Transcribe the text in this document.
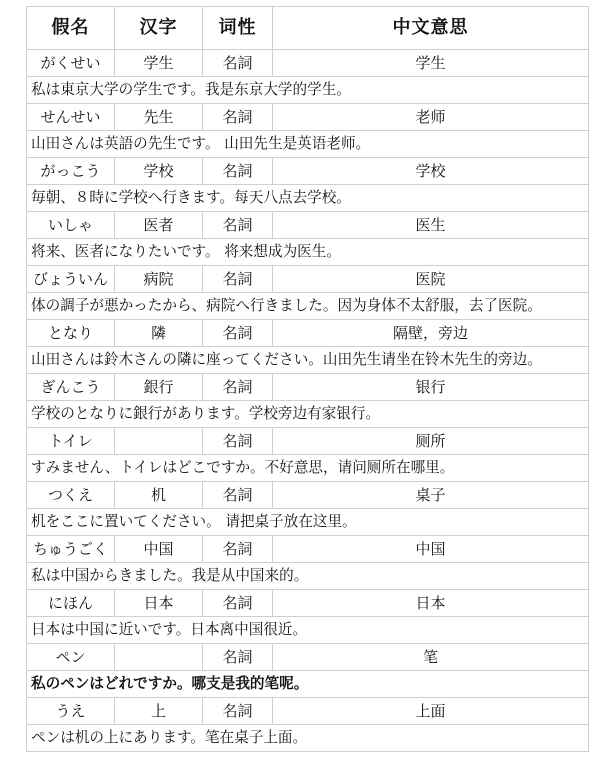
假名	汉字	词性	中文意思
がくせい	学生	名詞	学生
私は東京大学の学生です。我是东京大学的学生。			
せんせい	先生	名詞	老师
山田さんは英語の先生です。 山田先生是英语老师。			
がっこう	学校	名詞	学校
毎朝、８時に学校へ行きます。每天八点去学校。			
いしゃ	医者	名詞	医生
将来、医者になりたいです。 将来想成为医生。			
びょういん	病院	名詞	医院
体の調子が悪かったから、病院へ行きました。因为身体不太舒服，去了医院。			
となり	隣	名詞	隔壁，旁边
山田さんは鈴木さんの隣に座ってください。山田先生请坐在铃木先生的旁边。			
ぎんこう	銀行	名詞	银行
学校のとなりに銀行があります。学校旁边有家银行。			
トイレ		名詞	厕所
すみません、トイレはどこですか。不好意思，请问厕所在哪里。			
つくえ	机	名詞	桌子
机をここに置いてください。 请把桌子放在这里。			
ちゅうごく	中国	名詞	中国
私は中国からきました。我是从中国来的。			
にほん	日本	名詞	日本
日本は中国に近いです。日本离中国很近。			
ペン		名詞	笔
私のペンはどれですか。哪支是我的笔呢。			
うえ	上	名詞	上面
ペンは机の上にあります。笔在桌子上面。			
